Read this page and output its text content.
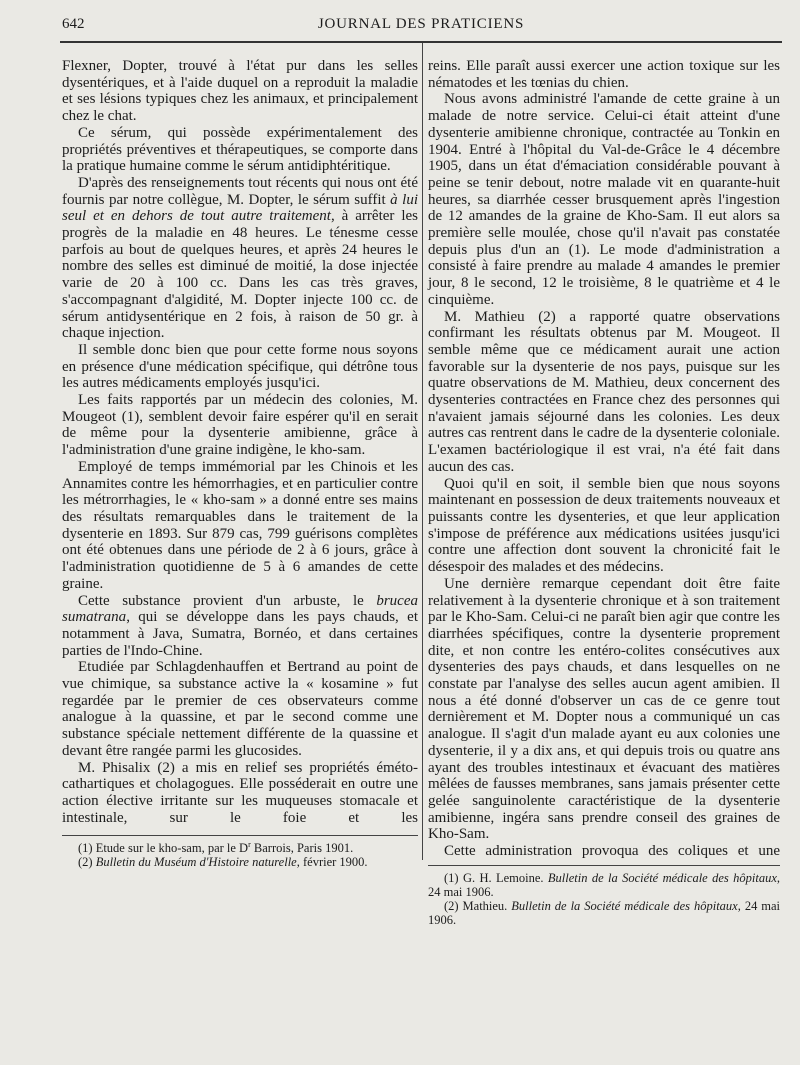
642	JOURNAL DES PRATICIENS

Flexner, Dopter, trouvé à l'état pur dans les selles dysentériques, et à l'aide duquel on a reproduit la maladie et ses lésions typiques chez les animaux, et principalement chez le chat.

Ce sérum, qui possède expérimentalement des propriétés préventives et thérapeutiques, se comporte dans la pratique humaine comme le sérum antidiphtéritique.

D'après des renseignements tout récents qui nous ont été fournis par notre collègue, M. Dopter, le sérum suffit à lui seul et en dehors de tout autre traitement, à arrêter les progrès de la maladie en 48 heures. Le ténesme cesse parfois au bout de quelques heures, et après 24 heures le nombre des selles est diminué de moitié, la dose injectée varie de 20 à 100 cc. Dans les cas très graves, s'accompagnant d'algidité, M. Dopter injecte 100 cc. de sérum antidysentérique en 2 fois, à raison de 50 gr. à chaque injection.

Il semble donc bien que pour cette forme nous soyons en présence d'une médication spécifique, qui détrône tous les autres médicaments employés jusqu'ici.

Les faits rapportés par un médecin des colonies, M. Mougeot (1), semblent devoir faire espérer qu'il en serait de même pour la dysenterie amibienne, grâce à l'administration d'une graine indigène, le kho-sam.

Employé de temps immémorial par les Chinois et les Annamites contre les hémorrhagies, et en particulier contre les métrorrhagies, le « kho-sam » a donné entre ses mains des résultats remarquables dans le traitement de la dysenterie en 1893. Sur 879 cas, 799 guérisons complètes ont été obtenues dans une période de 2 à 6 jours, grâce à l'administration quotidienne de 5 à 6 amandes de cette graine.

Cette substance provient d'un arbuste, le brucea sumatrana, qui se développe dans les pays chauds, et notamment à Java, Sumatra, Bornéo, et dans certaines parties de l'Indo-Chine.

Etudiée par Schlagdenhauffen et Bertrand au point de vue chimique, sa substance active la « kosamine » fut regardée par le premier de ces observateurs comme analogue à la quassine, et par le second comme une substance spéciale nettement différente de la quassine et devant être rangée parmi les glucosides.

M. Phisalix (2) a mis en relief ses propriétés éméto-cathartiques et cholagogues. Elle posséderait en outre une action élective irritante sur les muqueuses stomacale et intestinale, sur le foie et les

(1) Etude sur le kho-sam, par le $D^r$ Barrois, Paris 1901.

(2) Bulletin du Muséum d'Histoire naturelle, février 1900.

reins. Elle paraît aussi exercer une action toxique sur les nématodes et les tœnias du chien.

Nous avons administré l'amande de cette graine à un malade de notre service. Celui-ci était atteint d'une dysenterie amibienne chronique, contractée au Tonkin en 1904. Entré à l'hôpital du Val-de-Grâce le 4 décembre 1905, dans un état d'émaciation considérable pouvant à peine se tenir debout, notre malade vit en quarante-huit heures, sa diarrhée cesser brusquement après l'ingestion de 12 amandes de la graine de Kho-Sam. Il eut alors sa première selle moulée, chose qu'il n'avait pas constatée depuis plus d'un an (1). Le mode d'administration a consisté à faire prendre au malade 4 amandes le premier jour, 8 le second, 12 le troisième, 8 le quatrième et 4 le cinquième.

M. Mathieu (2) a rapporté quatre observations confirmant les résultats obtenus par M. Mougeot. Il semble même que ce médicament aurait une action favorable sur la dysenterie de nos pays, puisque sur les quatre observations de M. Mathieu, deux concernent des dysenteries contractées en France chez des personnes qui n'avaient jamais séjourné dans les colonies. Les deux autres cas rentrent dans le cadre de la dysenterie coloniale. L'examen bactériologique il est vrai, n'a été fait dans aucun des cas.

Quoi qu'il en soit, il semble bien que nous soyons maintenant en possession de deux traitements nouveaux et puissants contre les dysenteries, et que leur application s'impose de préférence aux médications usitées jusqu'ici contre une affection dont souvent la chronicité fait le désespoir des malades et des médecins.

Une dernière remarque cependant doit être faite relativement à la dysenterie chronique et à son traitement par le Kho-Sam. Celui-ci ne paraît bien agir que contre les diarrhées spécifiques, contre la dysenterie proprement dite, et non contre les entéro-colites consécutives aux dysenteries des pays chauds, et dans lesquelles on ne constate par l'analyse des selles aucun agent amibien. Il nous a été donné d'observer un cas de ce genre tout dernièrement et M. Dopter nous a communiqué un cas analogue. Il s'agit d'un malade ayant eu aux colonies une dysenterie, il y a dix ans, et qui depuis trois ou quatre ans ayant des troubles intestinaux et évacuant des matières mêlées de fausses membranes, sans jamais présenter cette gelée sanguinolente caractéristique de la dysenterie amibienne, ingéra sans prendre conseil des graines de Kho-Sam.

Cette administration provoqua des coliques et une

(1) G. H. Lemoine. Bulletin de la Société médicale des hôpitaux, 24 mai 1906.

(2) Mathieu. Bulletin de la Société médicale des hôpitaux, 24 mai 1906.
